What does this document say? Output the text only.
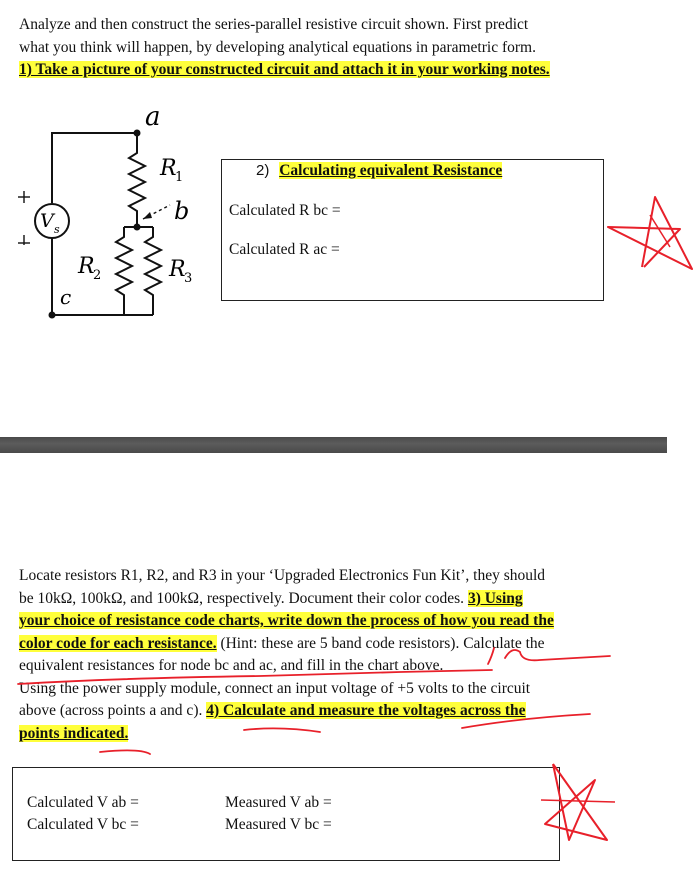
Analyze and then construct the series-parallel resistive circuit shown. First predict
what you think will happen, by developing analytical equations in parametric form.
1) Take a picture of your constructed circuit and attach it in your working notes.
a
b
c
R
1
R
2	R
3
V s
2) Calculating equivalent Resistance
Calculated R bc =
Calculated R ac =
Locate resistors R1, R2, and R3 in your ‘Upgraded Electronics Fun Kit’, they should
be 10kΩ, 100kΩ, and 100kΩ, respectively. Document their color codes. 3) Using
your choice of resistance code charts, write down the process of how you read the
color code for each resistance. (Hint: these are 5 band code resistors). Calculate the
equivalent resistances for node bc and ac, and fill in the chart above.
Using the power supply module, connect an input voltage of +5 volts to the circuit
above (across points a and c). 4) Calculate and measure the voltages across the
points indicated.
Calculated V ab =
Calculated V bc =
Measured V ab =
Measured V bc =
